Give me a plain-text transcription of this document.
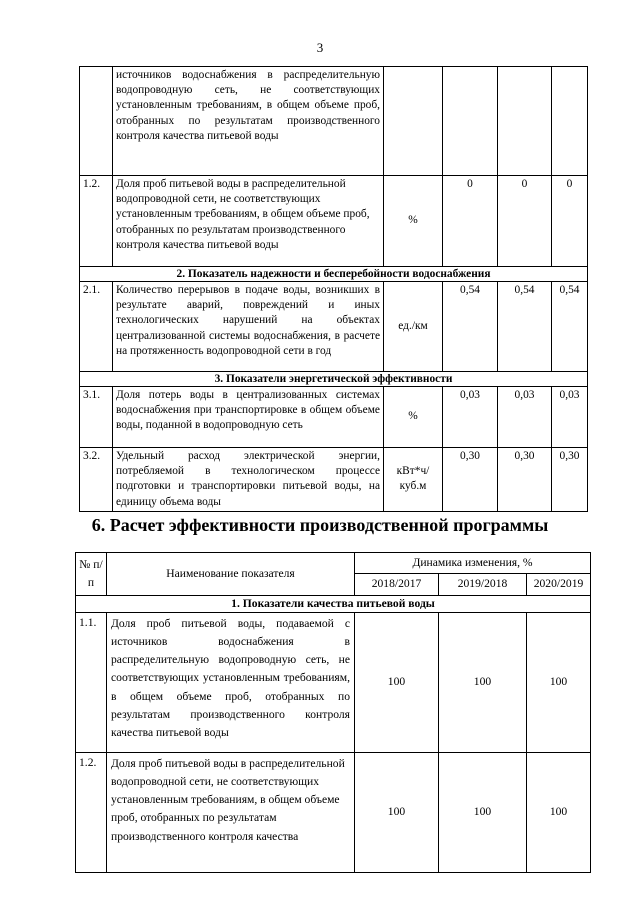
3
	источников водоснабжения в распределительную водопроводную сеть, не соответствующих установленным требованиям, в общем объеме проб, отобранных по результатам производственного контроля качества питьевой воды				
1.2.	Доля проб питьевой воды в распределительной водопроводной сети, не соответствующих установленным требованиям, в общем объеме проб, отобранных по результатам производственного контроля качества питьевой воды	%	0	0	0
2. Показатель надежности и бесперебойности водоснабжения					
2.1.	Количество перерывов в подаче воды, возникших в результате аварий, повреждений и иных технологических нарушений на объектах централизованной системы водоснабжения, в расчете на протяженность водопроводной сети в год	ед./км	0,54	0,54	0,54
3. Показатели энергетической эффективности					
3.1.	Доля потерь воды в централизованных системах водоснабжения при транспортировке в общем объеме воды, поданной в водопроводную сеть	%	0,03	0,03	0,03
3.2.	Удельный расход электрической энергии, потребляемой в технологическом процессе подготовки и транспортировки питьевой воды, на единицу объема воды	кВт*ч/куб.м	0,30	0,30	0,30
6. Расчет эффективности производственной программы
№ п/п	Наименование показателя	Динамика изменения, %		
		2018/2017	2019/2018	2020/2019
1. Показатели качества питьевой воды				
1.1.	Доля проб питьевой воды, подаваемой с источников водоснабжения в распределительную водопроводную сеть, не соответствующих установленным требованиям, в общем объеме проб, отобранных по результатам производственного контроля качества питьевой воды	100	100	100
1.2.	Доля проб питьевой воды в распределительной водопроводной сети, не соответствующих установленным требованиям, в общем объеме проб, отобранных по результатам производственного контроля качества	100	100	100
